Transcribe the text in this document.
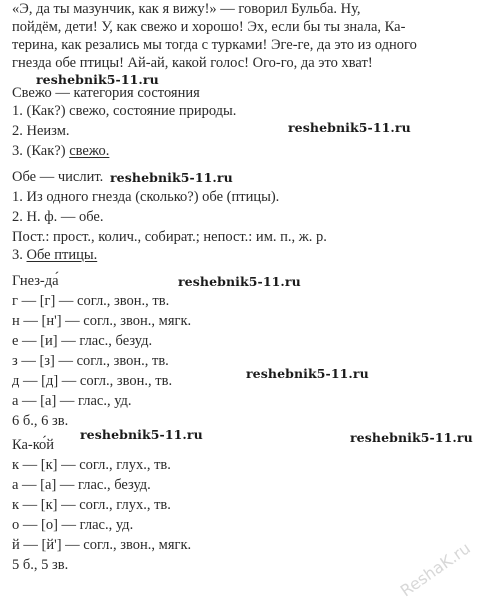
«Э, да ты мазунчик, как я вижу!» — говорил Бульба. Ну,
пойдём, дети! У, как свежо и хорошо! Эх, если бы ты знала, Ка-
терина, как резались мы тогда с турками! Эге-ге, да это из одного
гнезда обе птицы! Ай-ай, какой голос! Ого-го, да это хват!
reshebnik5-11.ru
Свежо — категория состояния
1. (Как?) свежо, состояние природы.
2. Неизм.	reshebnik5-11.ru
3. (Как?) свежо.
Обе — числит. reshebnik5-11.ru
1. Из одного гнезда (сколько?) обе (птицы).
2. Н. ф. — обе.
Пост.: прост., колич., собират.; непост.: им. п., ж. р.
3. Обе птицы.
Гнез-да́	reshebnik5-11.ru
г — [г] — согл., звон., тв.
н — [н'] — согл., звон., мягк.
е — [и] — глас., безуд.
з — [з] — согл., звон., тв.
д — [д] — согл., звон., тв.	reshebnik5-11.ru
а — [а] — глас., уд.
6 б., 6 зв.
reshebnik5-11.ru
Ка-ко́й	reshebnik5-11.ru
к — [к] — согл., глух., тв.
а — [а] — глас., безуд.
к — [к] — согл., глух., тв.
о — [о] — глас., уд.
й — [й'] — согл., звон., мягк.
5 б., 5 зв.	ReshaK.ru
